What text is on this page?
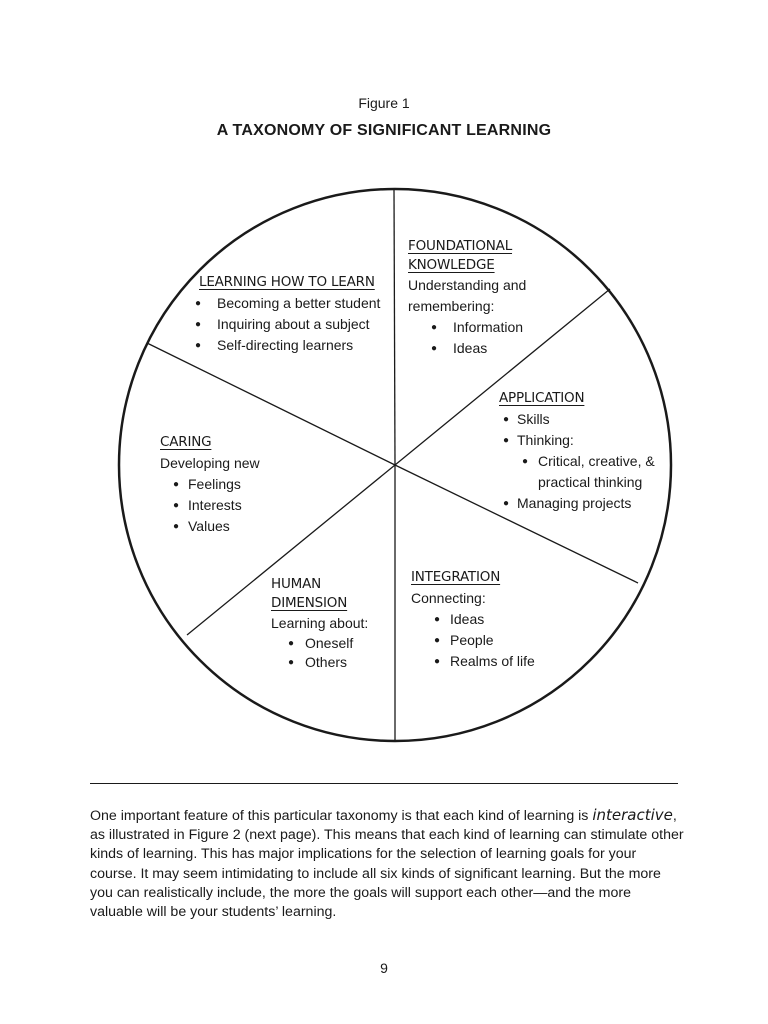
Figure 1
A TAXONOMY OF SIGNIFICANT LEARNING
LEARNING HOW TO LEARN
● Becoming a better student
● Inquiring about a subject
● Self-directing learners
FOUNDATIONAL
KNOWLEDGE
Understanding and
remembering:
● Information
● Ideas
APPLICATION
● Skills
● Thinking:
● Critical, creative, &
practical thinking
● Managing projects
CARING
Developing new
● Feelings
● Interests
● Values
HUMAN
DIMENSION
Learning about:
● Oneself
● Others
INTEGRATION
Connecting:
● Ideas
● People
● Realms of life
One important feature of this particular taxonomy is that each kind of learning is interactive, as illustrated in Figure 2 (next page). This means that each kind of learning can stimulate other kinds of learning. This has major implications for the selection of learning goals for your course. It may seem intimidating to include all six kinds of significant learning. But the more you can realistically include, the more the goals will support each other—and the more valuable will be your students’ learning.
9
